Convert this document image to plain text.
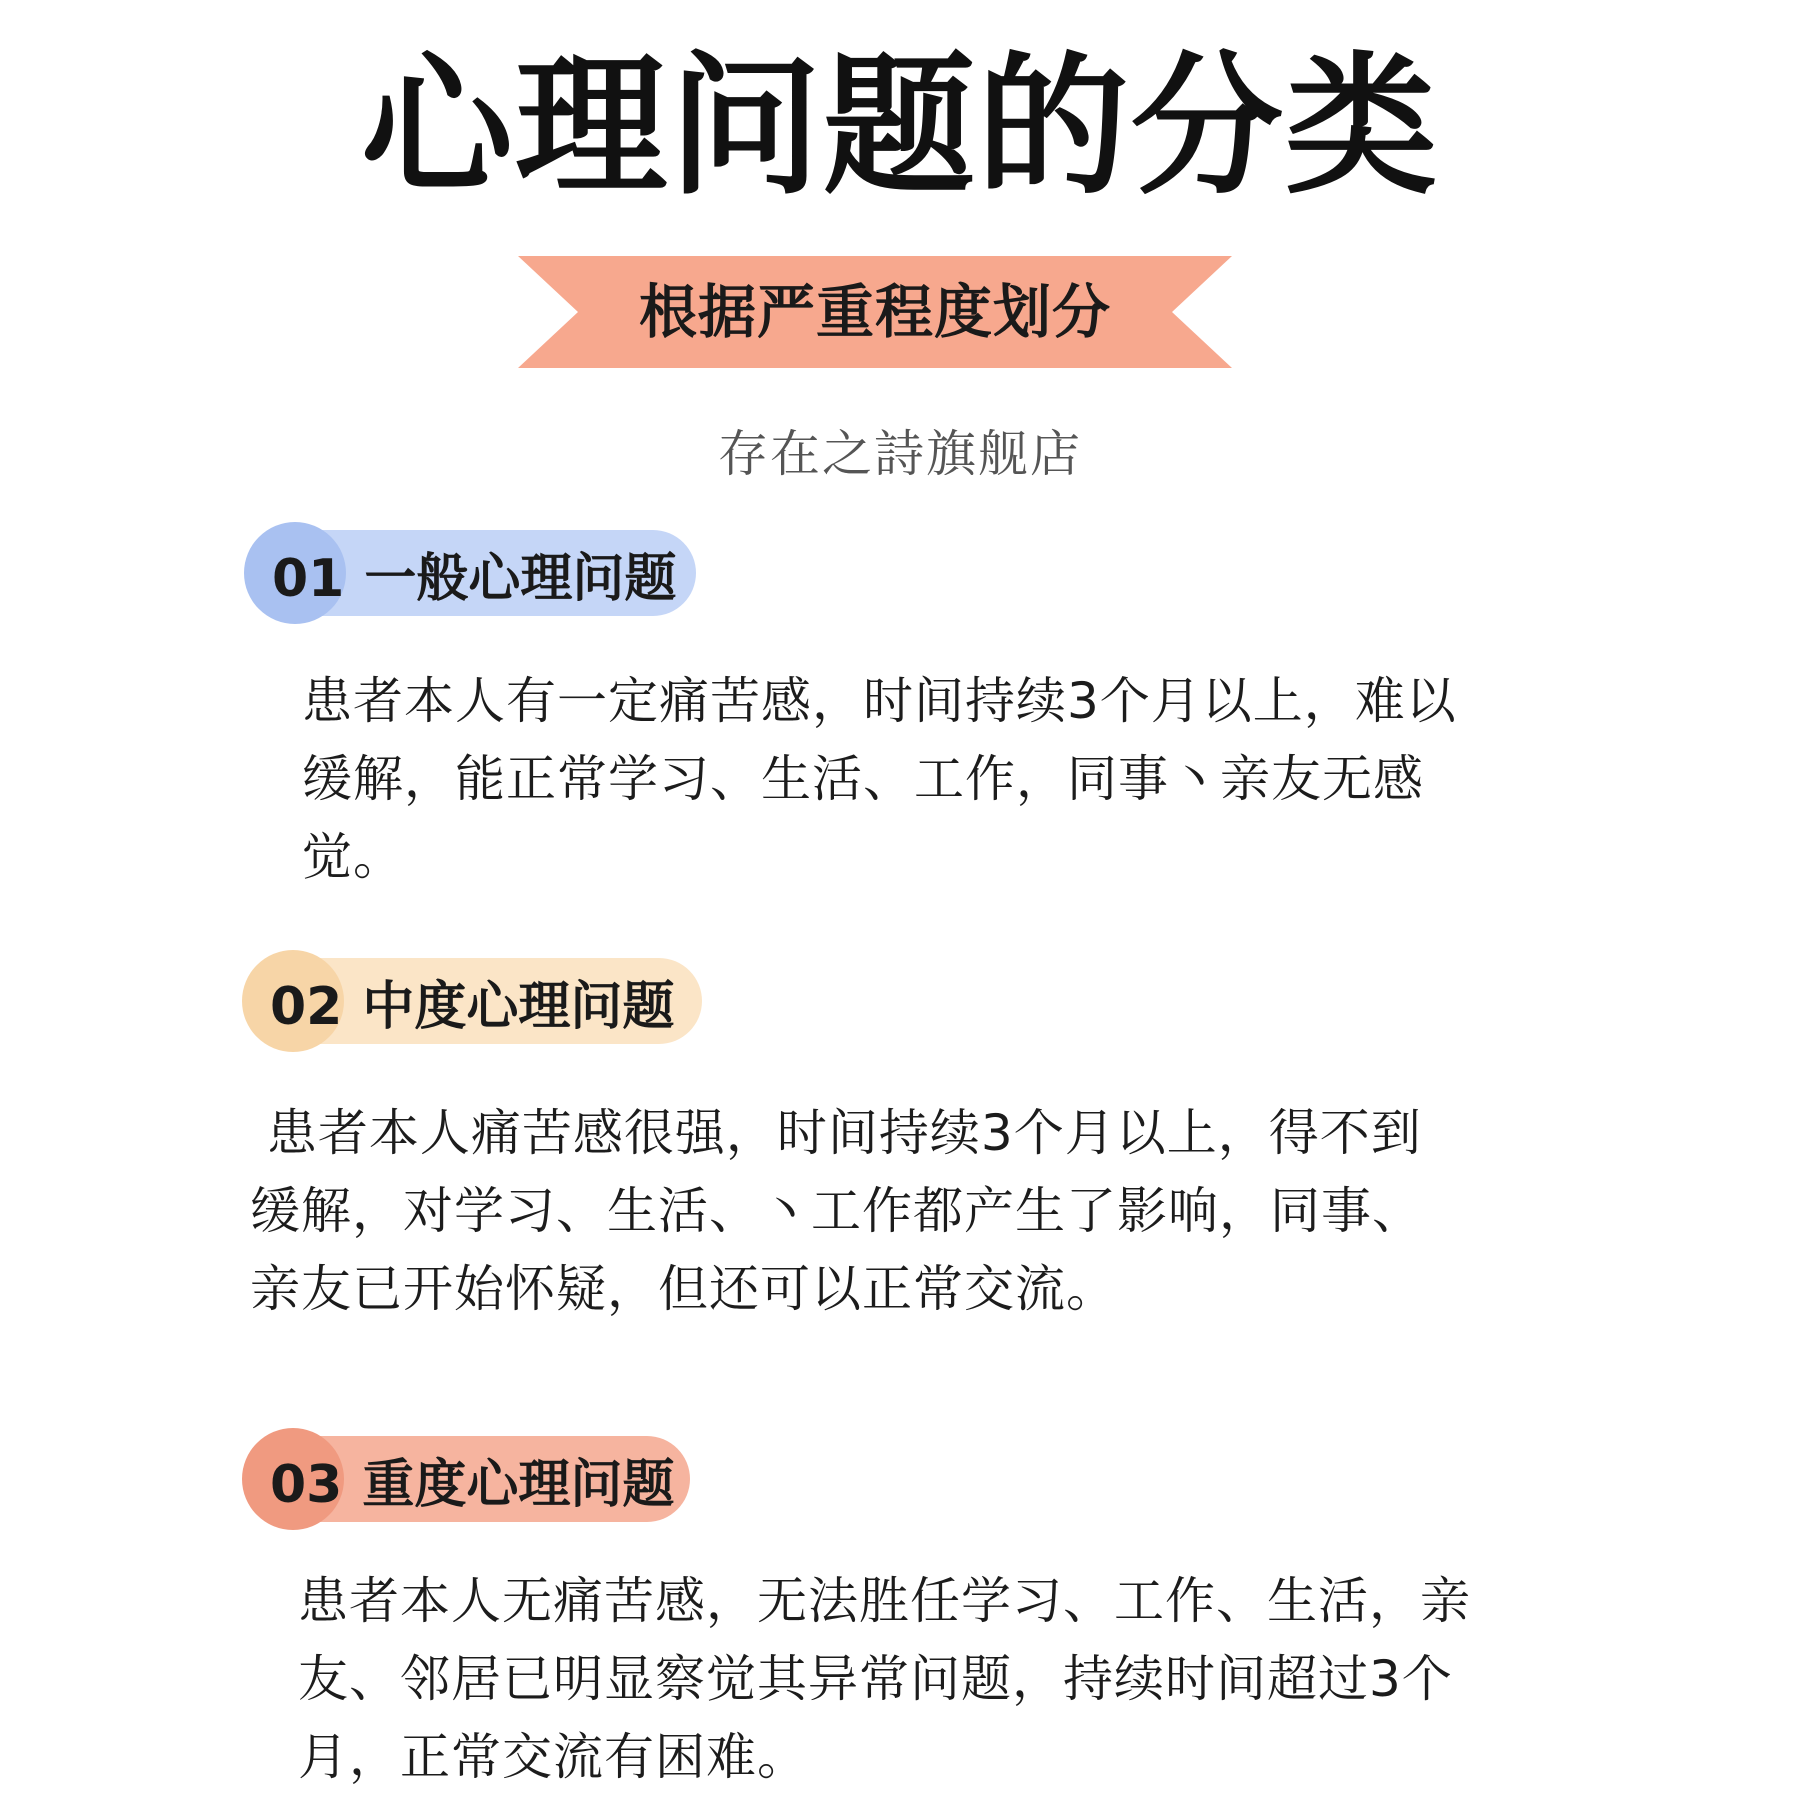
心理问题的分类
根据严重程度划分
存在之詩旗舰店
01 一般心理问题
患者本人有一定痛苦感，时间持续3个月以上，难以
缓解，能正常学习、生活、工作，同事丶亲友无感
觉。
02 中度心理问题
患者本人痛苦感很强，时间持续3个月以上，得不到
缓解，对学习、生活、丶工作都产生了影响，同事、
亲友已开始怀疑，但还可以正常交流。
03 重度心理问题
患者本人无痛苦感，无法胜任学习、工作、生活，亲
友、邻居已明显察觉其异常问题，持续时间超过3个
月，正常交流有困难。
